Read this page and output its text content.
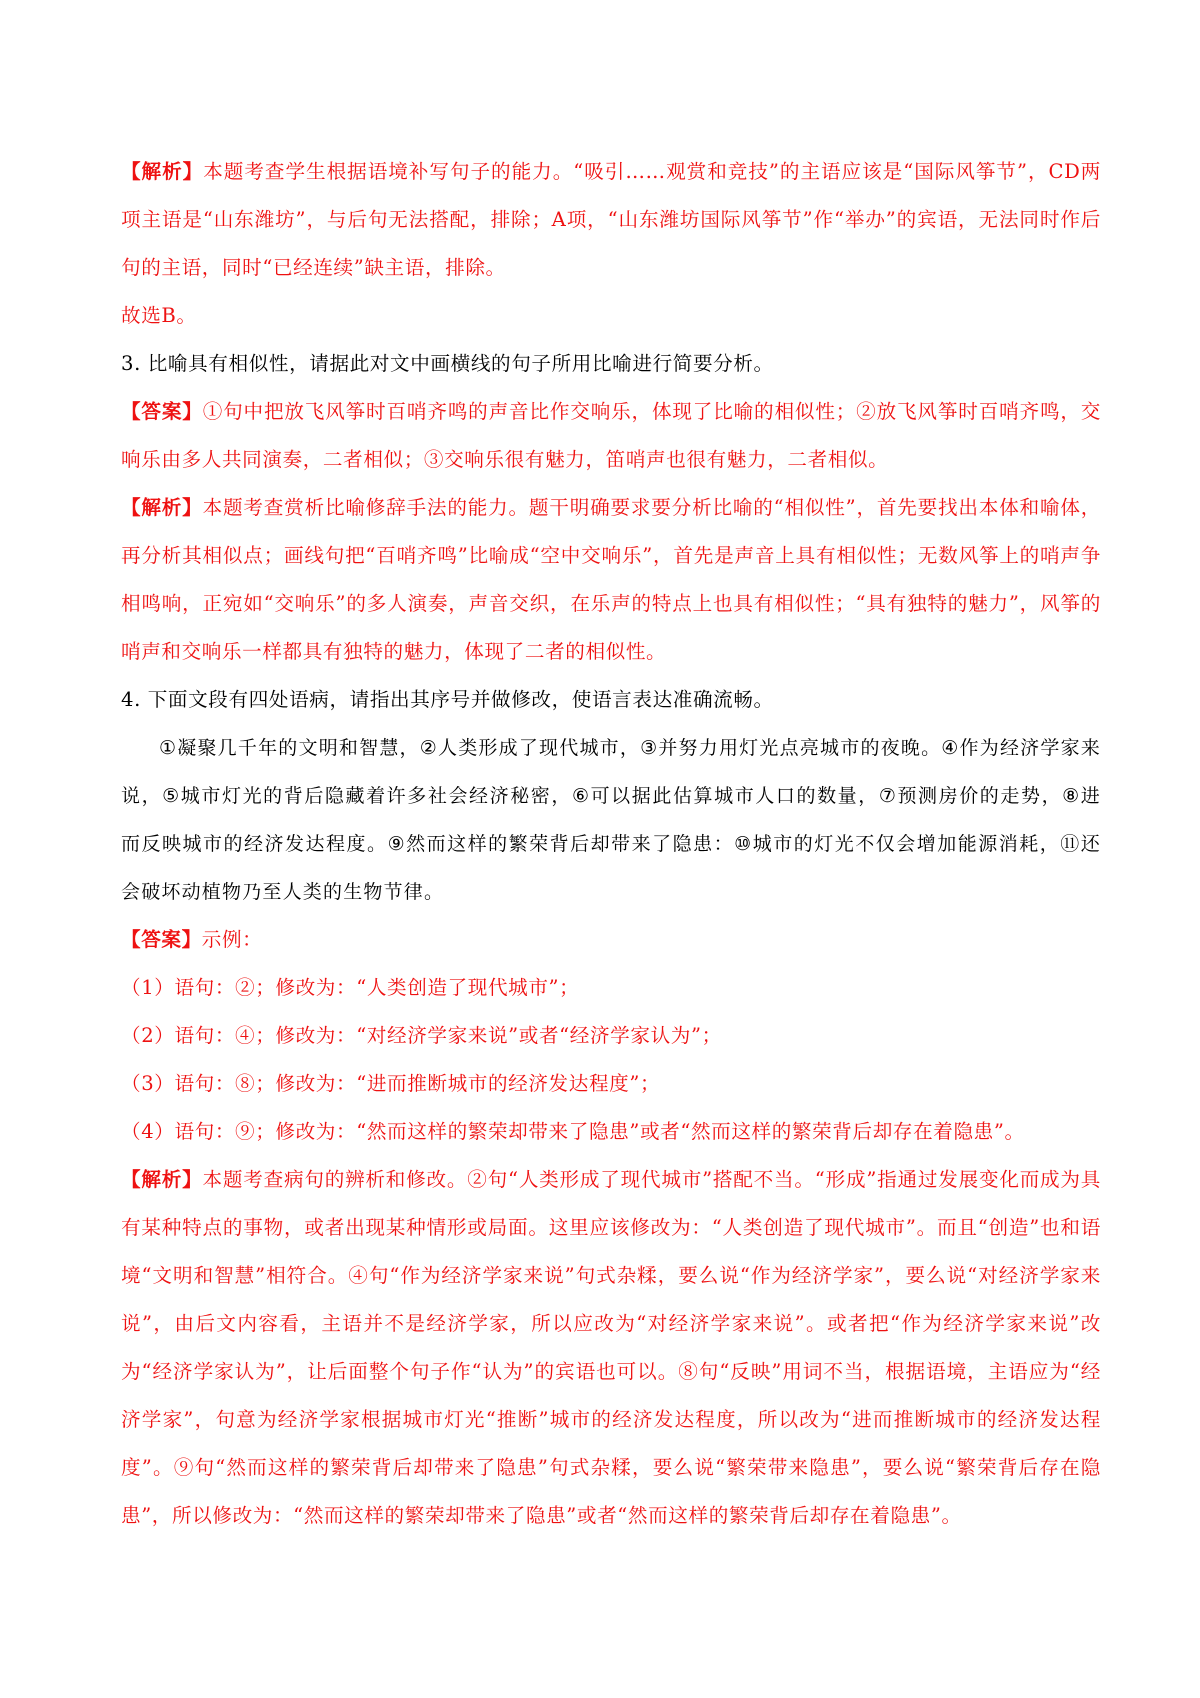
【解析】本题考查学生根据语境补写句子的能力。“吸引……观赏和竞技”的主语应该是“国际风筝节”，CD两项主语是“山东潍坊”，与后句无法搭配，排除；A项，“山东潍坊国际风筝节”作“举办”的宾语，无法同时作后句的主语，同时“已经连续”缺主语，排除。

故选B。

3. 比喻具有相似性，请据此对文中画横线的句子所用比喻进行简要分析。

【答案】①句中把放飞风筝时百哨齐鸣的声音比作交响乐，体现了比喻的相似性；②放飞风筝时百哨齐鸣，交响乐由多人共同演奏，二者相似；③交响乐很有魅力，笛哨声也很有魅力，二者相似。

【解析】本题考查赏析比喻修辞手法的能力。题干明确要求要分析比喻的“相似性”，首先要找出本体和喻体，再分析其相似点；画线句把“百哨齐鸣”比喻成“空中交响乐”，首先是声音上具有相似性；无数风筝上的哨声争相鸣响，正宛如“交响乐”的多人演奏，声音交织，在乐声的特点上也具有相似性；“具有独特的魅力”，风筝的哨声和交响乐一样都具有独特的魅力，体现了二者的相似性。

4. 下面文段有四处语病，请指出其序号并做修改，使语言表达准确流畅。

①凝聚几千年的文明和智慧，②人类形成了现代城市，③并努力用灯光点亮城市的夜晚。④作为经济学家来说，⑤城市灯光的背后隐藏着许多社会经济秘密，⑥可以据此估算城市人口的数量，⑦预测房价的走势，⑧进而反映城市的经济发达程度。⑨然而这样的繁荣背后却带来了隐患：⑩城市的灯光不仅会增加能源消耗，⑪还会破坏动植物乃至人类的生物节律。

【答案】示例：

（1）语句：②；修改为：“人类创造了现代城市”；

（2）语句：④；修改为：“对经济学家来说”或者“经济学家认为”；

（3）语句：⑧；修改为：“进而推断城市的经济发达程度”；

（4）语句：⑨；修改为：“然而这样的繁荣却带来了隐患”或者“然而这样的繁荣背后却存在着隐患”。

【解析】本题考查病句的辨析和修改。②句“人类形成了现代城市”搭配不当。“形成”指通过发展变化而成为具有某种特点的事物，或者出现某种情形或局面。这里应该修改为：“人类创造了现代城市”。而且“创造”也和语境“文明和智慧”相符合。④句“作为经济学家来说”句式杂糅，要么说“作为经济学家”，要么说“对经济学家来说”，由后文内容看，主语并不是经济学家，所以应改为“对经济学家来说”。或者把“作为经济学家来说”改为“经济学家认为”，让后面整个句子作“认为”的宾语也可以。⑧句“反映”用词不当，根据语境，主语应为“经济学家”，句意为经济学家根据城市灯光“推断”城市的经济发达程度，所以改为“进而推断城市的经济发达程度”。⑨句“然而这样的繁荣背后却带来了隐患”句式杂糅，要么说“繁荣带来隐患”，要么说“繁荣背后存在隐患”，所以修改为：“然而这样的繁荣却带来了隐患”或者“然而这样的繁荣背后却存在着隐患”。
